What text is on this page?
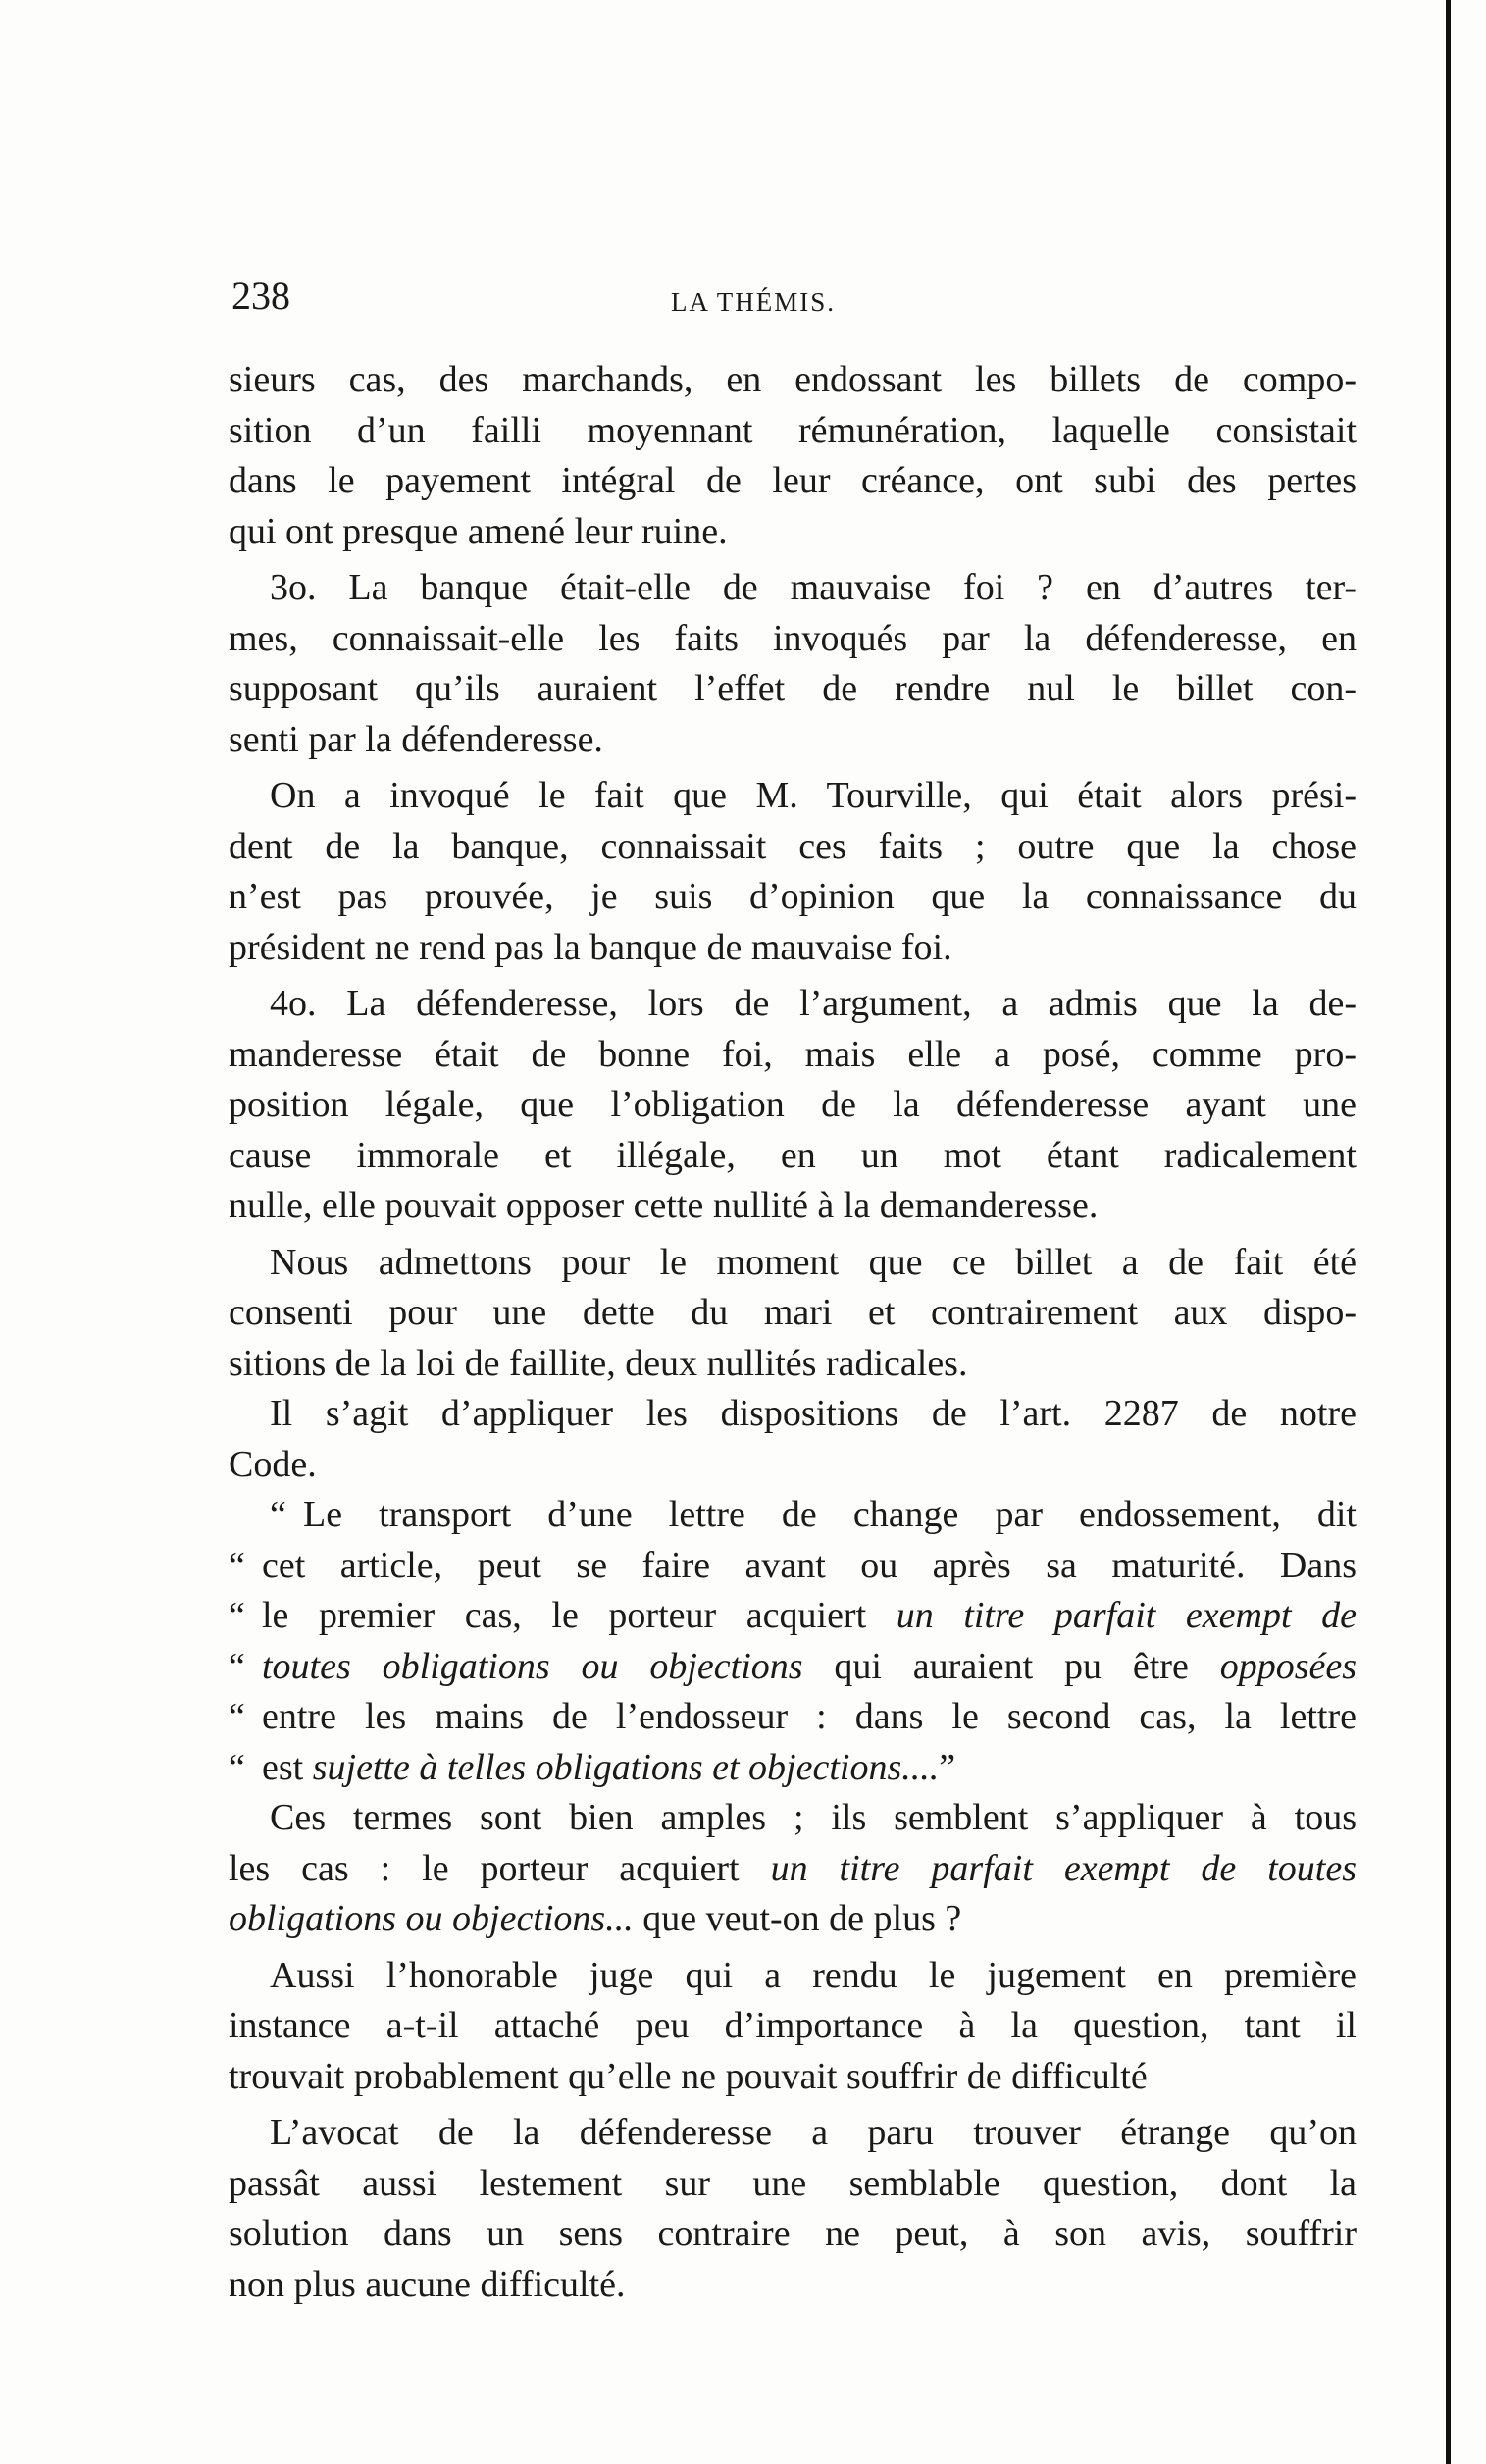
238	LA THÉMIS.
sieurs cas, des marchands, en endossant les billets de compo-
sition d’un failli moyennant rémunération, laquelle consistait
dans le payement intégral de leur créance, ont subi des pertes
qui ont presque amené leur ruine.
3o. La banque était-elle de mauvaise foi ? en d’autres ter-
mes, connaissait-elle les faits invoqués par la défenderesse, en
supposant qu’ils auraient l’effet de rendre nul le billet con-
senti par la défenderesse.
On a invoqué le fait que M. Tourville, qui était alors prési-
dent de la banque, connaissait ces faits ; outre que la chose
n’est pas prouvée, je suis d’opinion que la connaissance du
président ne rend pas la banque de mauvaise foi.
4o. La défenderesse, lors de l’argument, a admis que la de-
manderesse était de bonne foi, mais elle a posé, comme pro-
position légale, que l’obligation de la défenderesse ayant une
cause immorale et illégale, en un mot étant radicalement
nulle, elle pouvait opposer cette nullité à la demanderesse.
Nous admettons pour le moment que ce billet a de fait été
consenti pour une dette du mari et contrairement aux dispo-
sitions de la loi de faillite, deux nullités radicales.
Il s’agit d’appliquer les dispositions de l’art. 2287 de notre
Code.
“ Le transport d’une lettre de change par endossement, dit
“ cet article, peut se faire avant ou après sa maturité. Dans
“ le premier cas, le porteur acquiert un titre parfait exempt de
“ toutes obligations ou objections qui auraient pu être opposées
“ entre les mains de l’endosseur : dans le second cas, la lettre
“ est sujette à telles obligations et objections....”
Ces termes sont bien amples ; ils semblent s’appliquer à tous
les cas : le porteur acquiert un titre parfait exempt de toutes
obligations ou objections... que veut-on de plus ?
Aussi l’honorable juge qui a rendu le jugement en première
instance a-t-il attaché peu d’importance à la question, tant il
trouvait probablement qu’elle ne pouvait souffrir de difficulté
L’avocat de la défenderesse a paru trouver étrange qu’on
passât aussi lestement sur une semblable question, dont la
solution dans un sens contraire ne peut, à son avis, souffrir
non plus aucune difficulté.
